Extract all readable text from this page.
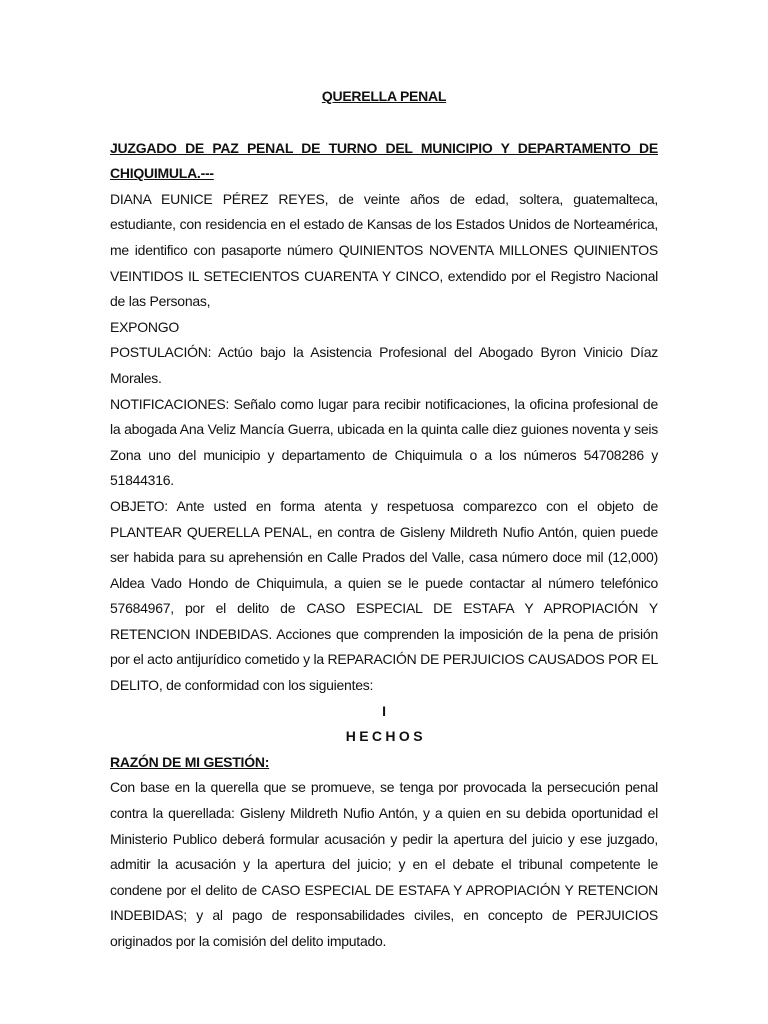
QUERELLA PENAL

JUZGADO DE PAZ PENAL DE TURNO DEL MUNICIPIO Y DEPARTAMENTO DE CHIQUIMULA.---

DIANA EUNICE PÉREZ REYES, de veinte años de edad, soltera, guatemalteca, estudiante, con residencia en el estado de Kansas de los Estados Unidos de Norteamérica, me identifico con pasaporte número QUINIENTOS NOVENTA MILLONES QUINIENTOS VEINTIDOS IL SETECIENTOS CUARENTA Y CINCO, extendido por el Registro Nacional de las Personas,

EXPONGO

POSTULACIÓN: Actúo bajo la Asistencia Profesional del Abogado Byron Vinicio Díaz Morales.

NOTIFICACIONES: Señalo como lugar para recibir notificaciones, la oficina profesional de la abogada Ana Veliz Mancía Guerra, ubicada en la quinta calle diez guiones noventa y seis Zona uno del municipio y departamento de Chiquimula o a los números 54708286 y 51844316.

OBJETO: Ante usted en forma atenta y respetuosa comparezco con el objeto de PLANTEAR QUERELLA PENAL, en contra de Gisleny Mildreth Nufio Antón, quien puede ser habida para su aprehensión en Calle Prados del Valle, casa número doce mil (12,000) Aldea Vado Hondo de Chiquimula, a quien se le puede contactar al número telefónico 57684967, por el delito de CASO ESPECIAL DE ESTAFA Y APROPIACIÓN Y RETENCION INDEBIDAS. Acciones que comprenden la imposición de la pena de prisión por el acto antijurídico cometido y la REPARACIÓN DE PERJUICIOS CAUSADOS POR EL DELITO, de conformidad con los siguientes:

I

H E C H O S

RAZÓN DE MI GESTIÓN:

Con base en la querella que se promueve, se tenga por provocada la persecución penal contra la querellada: Gisleny Mildreth Nufio Antón, y a quien en su debida oportunidad el Ministerio Publico deberá formular acusación y pedir la apertura del juicio y ese juzgado, admitir la acusación y la apertura del juicio; y en el debate el tribunal competente le condene por el delito de CASO ESPECIAL DE ESTAFA Y APROPIACIÓN Y RETENCION INDEBIDAS; y al pago de responsabilidades civiles, en concepto de PERJUICIOS originados por la comisión del delito imputado.
